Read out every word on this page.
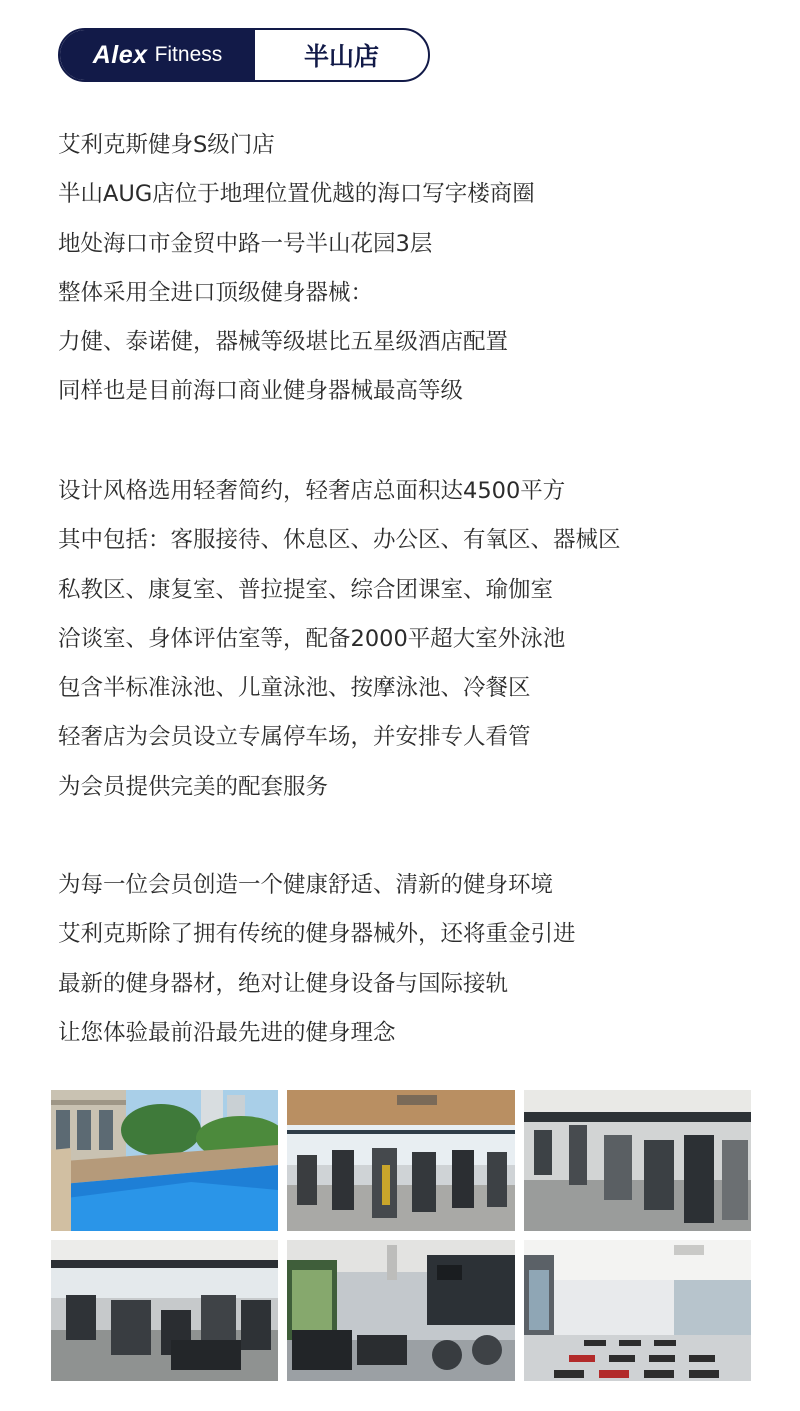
Alex Fitness	半山店
艾利克斯健身S级门店
半山AUG店位于地理位置优越的海口写字楼商圈
地处海口市金贸中路一号半山花园3层
整体采用全进口顶级健身器械：
力健、泰诺健，器械等级堪比五星级酒店配置
同样也是目前海口商业健身器械最高等级
设计风格选用轻奢简约，轻奢店总面积达4500平方
其中包括：客服接待、休息区、办公区、有氧区、器械区
私教区、康复室、普拉提室、综合团课室、瑜伽室
洽谈室、身体评估室等，配备2000平超大室外泳池
包含半标准泳池、儿童泳池、按摩泳池、冷餐区
轻奢店为会员设立专属停车场，并安排专人看管
为会员提供完美的配套服务
为每一位会员创造一个健康舒适、清新的健身环境
艾利克斯除了拥有传统的健身器械外，还将重金引进
最新的健身器材，绝对让健身设备与国际接轨
让您体验最前沿最先进的健身理念
